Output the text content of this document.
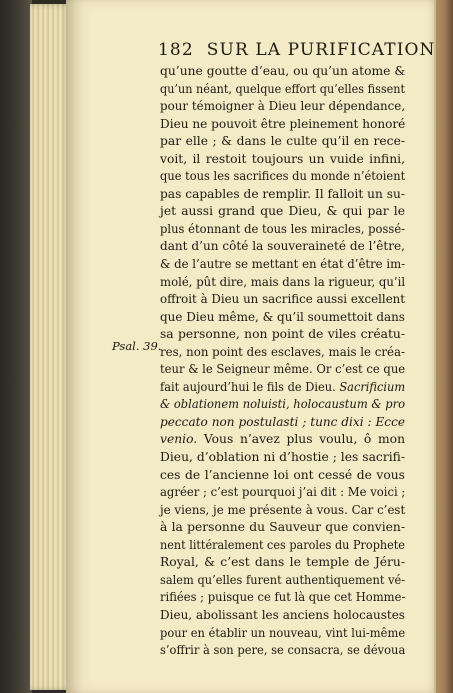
182 SUR LA PURIFICATION
Psal. 39.
qu’une goutte d’eau, ou qu’un atome &
qu’un néant, quelque effort qu’elles fissent
pour témoigner à Dieu leur dépendance,
Dieu ne pouvoit être pleinement honoré
par elle ; & dans le culte qu’il en rece-
voit, il restoit toujours un vuide infini,
que tous les sacrifices du monde n’étoient
pas capables de remplir. Il falloit un su-
jet aussi grand que Dieu, & qui par le
plus étonnant de tous les miracles, possé-
dant d’un côté la souveraineté de l’être,
& de l’autre se mettant en état d’être im-
molé, pût dire, mais dans la rigueur, qu’il
offroit à Dieu un sacrifice aussi excellent
que Dieu même, & qu’il soumettoit dans
sa personne, non point de viles créatu-
res, non point des esclaves, mais le créa-
teur & le Seigneur même. Or c’est ce que
fait aujourd’hui le fils de Dieu. Sacrificium
& oblationem noluisti, holocaustum & pro
peccato non postulasti ; tunc dixi : Ecce
venio. Vous n’avez plus voulu, ô mon
Dieu, d’oblation ni d’hostie ; les sacrifi-
ces de l’ancienne loi ont cessé de vous
agréer ; c’est pourquoi j’ai dit : Me voici ;
je viens, je me présente à vous. Car c’est
à la personne du Sauveur que convien-
nent littéralement ces paroles du Prophete
Royal, & c’est dans le temple de Jéru-
salem qu’elles furent authentiquement vé-
rifiées ; puisque ce fut là que cet Homme-
Dieu, abolissant les anciens holocaustes
pour en établir un nouveau, vint lui-même
s’offrir à son pere, se consacra, se dévoua
